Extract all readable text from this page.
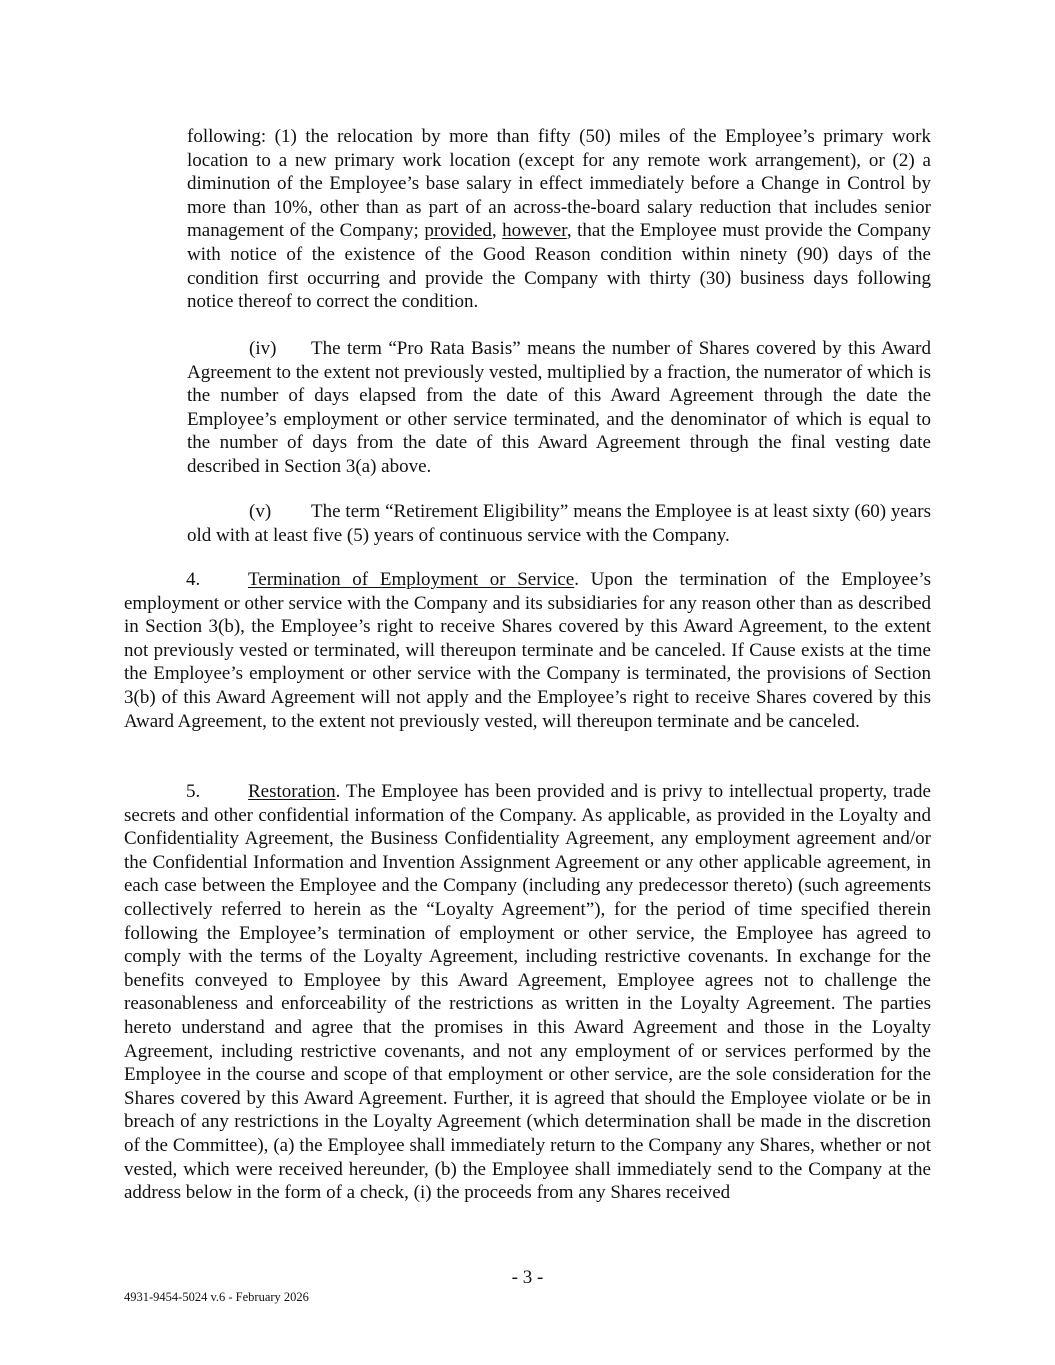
following: (1) the relocation by more than fifty (50) miles of the Employee’s primary work location to a new primary work location (except for any remote work arrangement), or (2) a diminution of the Employee’s base salary in effect immediately before a Change in Control by more than 10%, other than as part of an across-the-board salary reduction that includes senior management of the Company; provided, however, that the Employee must provide the Company with notice of the existence of the Good Reason condition within ninety (90) days of the condition first occurring and provide the Company with thirty (30) business days following notice thereof to correct the condition.

(iv) The term “Pro Rata Basis” means the number of Shares covered by this Award Agreement to the extent not previously vested, multiplied by a fraction, the numerator of which is the number of days elapsed from the date of this Award Agreement through the date the Employee’s employment or other service terminated, and the denominator of which is equal to the number of days from the date of this Award Agreement through the final vesting date described in Section 3(a) above.

(v) The term “Retirement Eligibility” means the Employee is at least sixty (60) years old with at least five (5) years of continuous service with the Company.

4.	Termination of Employment or Service. Upon the termination of the Employee’s employment or other service with the Company and its subsidiaries for any reason other than as described in Section 3(b), the Employee’s right to receive Shares covered by this Award Agreement, to the extent not previously vested or terminated, will thereupon terminate and be canceled. If Cause exists at the time the Employee’s employment or other service with the Company is terminated, the provisions of Section 3(b) of this Award Agreement will not apply and the Employee’s right to receive Shares covered by this Award Agreement, to the extent not previously vested, will thereupon terminate and be canceled.

5.	Restoration. The Employee has been provided and is privy to intellectual property, trade secrets and other confidential information of the Company. As applicable, as provided in the Loyalty and Confidentiality Agreement, the Business Confidentiality Agreement, any employment agreement and/or the Confidential Information and Invention Assignment Agreement or any other applicable agreement, in each case between the Employee and the Company (including any predecessor thereto) (such agreements collectively referred to herein as the “Loyalty Agreement”), for the period of time specified therein following the Employee’s termination of employment or other service, the Employee has agreed to comply with the terms of the Loyalty Agreement, including restrictive covenants. In exchange for the benefits conveyed to Employee by this Award Agreement, Employee agrees not to challenge the reasonableness and enforceability of the restrictions as written in the Loyalty Agreement. The parties hereto understand and agree that the promises in this Award Agreement and those in the Loyalty Agreement, including restrictive covenants, and not any employment of or services performed by the Employee in the course and scope of that employment or other service, are the sole consideration for the Shares covered by this Award Agreement. Further, it is agreed that should the Employee violate or be in breach of any restrictions in the Loyalty Agreement (which determination shall be made in the discretion of the Committee), (a) the Employee shall immediately return to the Company any Shares, whether or not vested, which were received hereunder, (b) the Employee shall immediately send to the Company at the address below in the form of a check, (i) the proceeds from any Shares received

- 3 -
4931-9454-5024 v.6 - February 2026
